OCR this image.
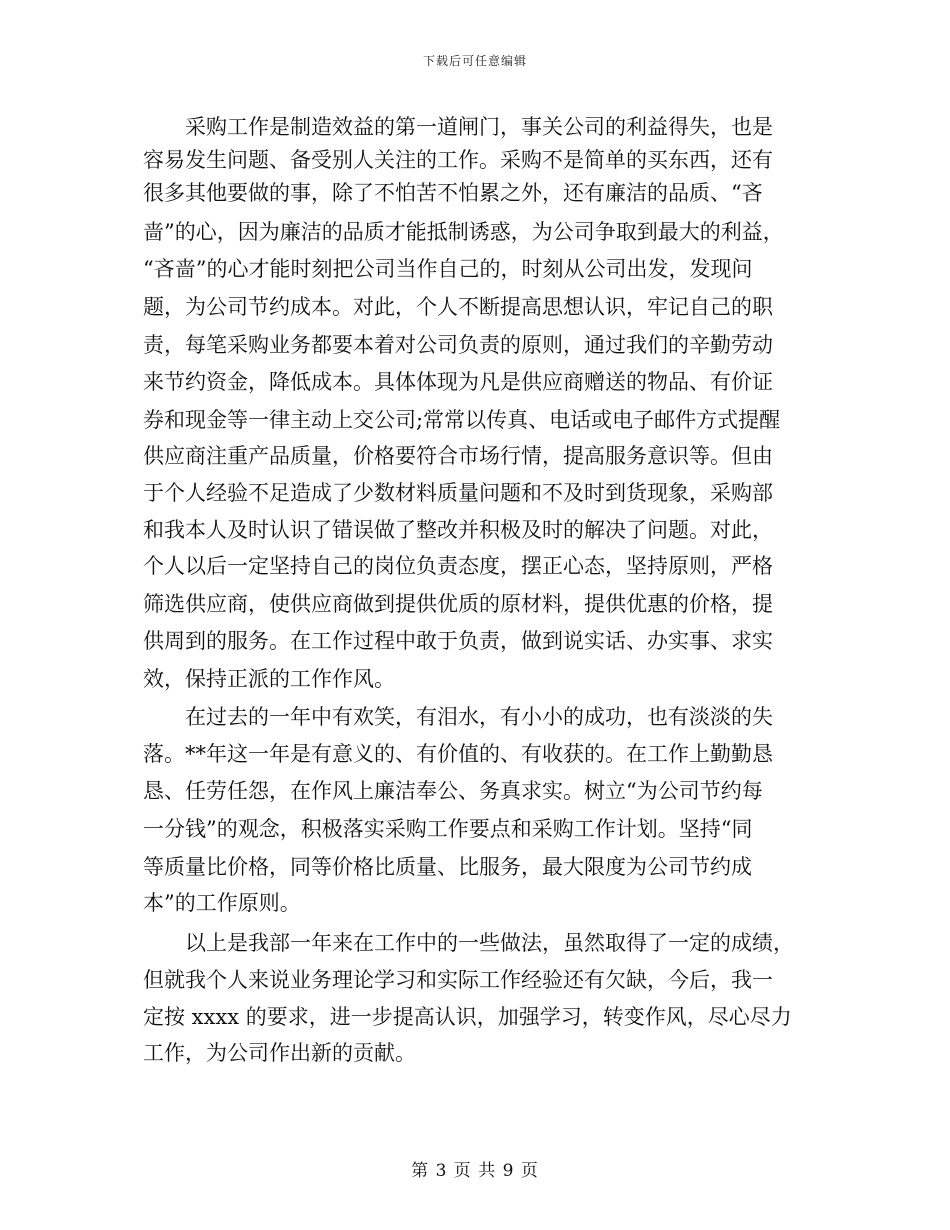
下载后可任意编辑
　　采购工作是制造效益的第一道闸门，事关公司的利益得失，也是
容易发生问题、备受别人关注的工作。采购不是简单的买东西，还有
很多其他要做的事，除了不怕苦不怕累之外，还有廉洁的品质、“吝
啬”的心，因为廉洁的品质才能抵制诱惑，为公司争取到最大的利益，
“吝啬”的心才能时刻把公司当作自己的，时刻从公司出发，发现问
题，为公司节约成本。对此，个人不断提高思想认识，牢记自己的职
责，每笔采购业务都要本着对公司负责的原则，通过我们的辛勤劳动
来节约资金，降低成本。具体体现为凡是供应商赠送的物品、有价证
券和现金等一律主动上交公司;常常以传真、电话或电子邮件方式提醒
供应商注重产品质量，价格要符合市场行情，提高服务意识等。但由
于个人经验不足造成了少数材料质量问题和不及时到货现象，采购部
和我本人及时认识了错误做了整改并积极及时的解决了问题。对此，
个人以后一定坚持自己的岗位负责态度，摆正心态，坚持原则，严格
筛选供应商，使供应商做到提供优质的原材料，提供优惠的价格，提
供周到的服务。在工作过程中敢于负责，做到说实话、办实事、求实
效，保持正派的工作作风。
　　在过去的一年中有欢笑，有泪水，有小小的成功，也有淡淡的失
落。**年这一年是有意义的、有价值的、有收获的。在工作上勤勤恳
恳、任劳任怨，在作风上廉洁奉公、务真求实。树立“为公司节约每
一分钱”的观念，积极落实采购工作要点和采购工作计划。坚持“同
等质量比价格，同等价格比质量、比服务，最大限度为公司节约成
本”的工作原则。
　　以上是我部一年来在工作中的一些做法，虽然取得了一定的成绩，
但就我个人来说业务理论学习和实际工作经验还有欠缺，今后，我一
定按 xxxx 的要求，进一步提高认识，加强学习，转变作风，尽心尽力
工作，为公司作出新的贡献。
第 3 页 共 9 页
